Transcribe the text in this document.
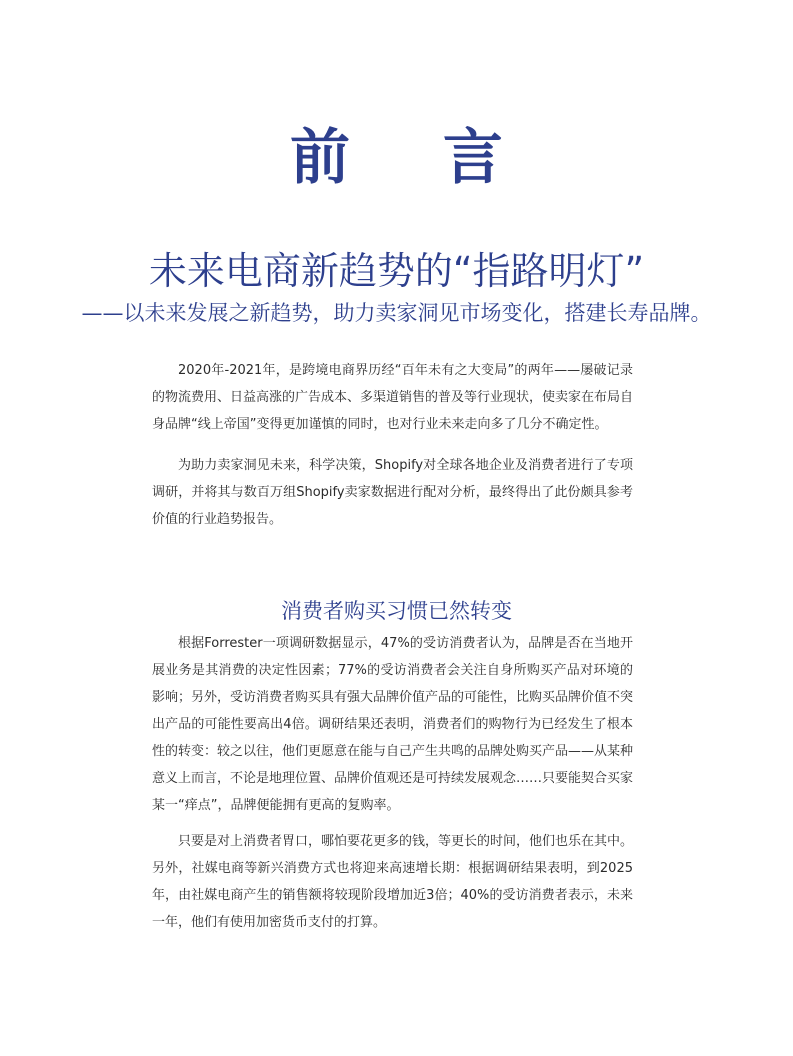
前 言
未来电商新趋势的“指路明灯”
——以未来发展之新趋势，助力卖家洞见市场变化，搭建长寿品牌。

2020年-2021年，是跨境电商界历经“百年未有之大变局”的两年——屡破记录的物流费用、日益高涨的广告成本、多渠道销售的普及等行业现状，使卖家在布局自身品牌“线上帝国”变得更加谨慎的同时，也对行业未来走向多了几分不确定性。

为助力卖家洞见未来，科学决策，Shopify对全球各地企业及消费者进行了专项调研，并将其与数百万组Shopify卖家数据进行配对分析，最终得出了此份颇具参考价值的行业趋势报告。

消费者购买习惯已然转变

根据Forrester一项调研数据显示，47%的受访消费者认为，品牌是否在当地开展业务是其消费的决定性因素；77%的受访消费者会关注自身所购买产品对环境的影响；另外，受访消费者购买具有强大品牌价值产品的可能性，比购买品牌价值不突出产品的可能性要高出4倍。调研结果还表明，消费者们的购物行为已经发生了根本性的转变：较之以往，他们更愿意在能与自己产生共鸣的品牌处购买产品——从某种意义上而言，不论是地理位置、品牌价值观还是可持续发展观念……只要能契合买家某一“痒点”，品牌便能拥有更高的复购率。

只要是对上消费者胃口，哪怕要花更多的钱，等更长的时间，他们也乐在其中。另外，社媒电商等新兴消费方式也将迎来高速增长期：根据调研结果表明，到2025年，由社媒电商产生的销售额将较现阶段增加近3倍；40%的受访消费者表示，未来一年，他们有使用加密货币支付的打算。
